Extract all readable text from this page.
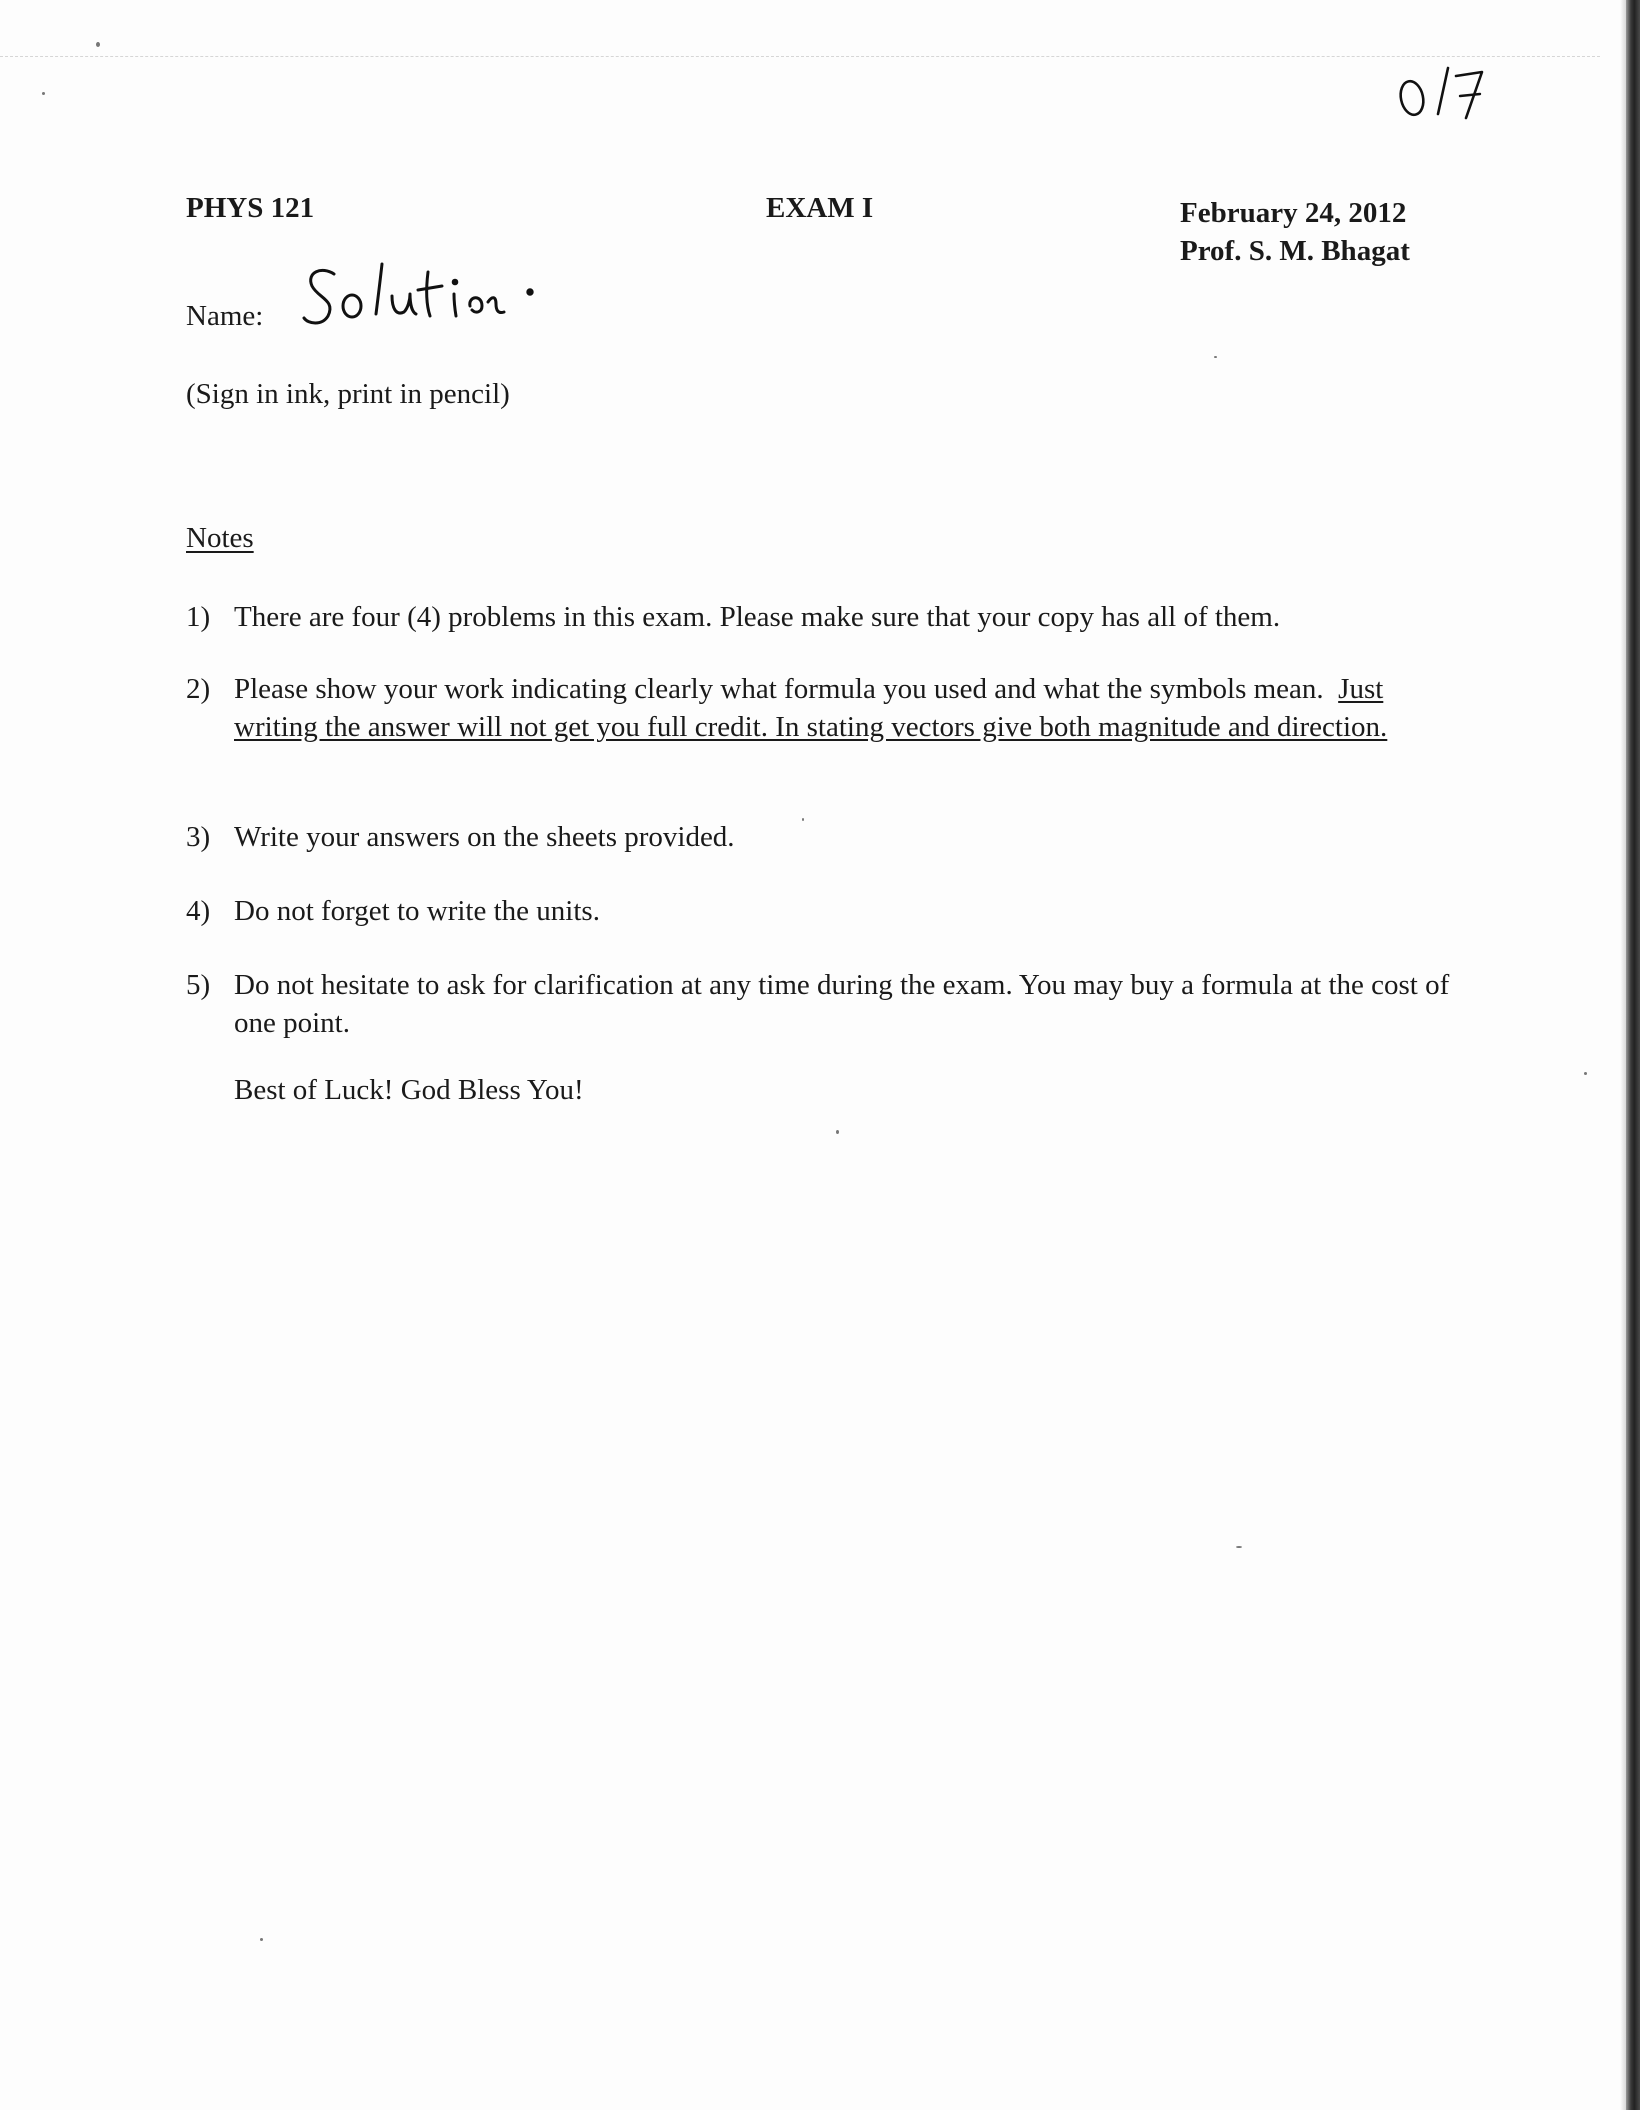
PHYS 121	EXAM I	February 24, 2012
Prof. S. M. Bhagat
Name:
(Sign in ink, print in pencil)
Notes
1) There are four (4) problems in this exam. Please make sure that your copy has all of them.
2) Please show your work indicating clearly what formula you used and what the symbols mean. Just writing the answer will not get you full credit. In stating vectors give both magnitude and direction.
3) Write your answers on the sheets provided.
4) Do not forget to write the units.
5) Do not hesitate to ask for clarification at any time during the exam. You may buy a formula at the cost of one point.
Best of Luck! God Bless You!
